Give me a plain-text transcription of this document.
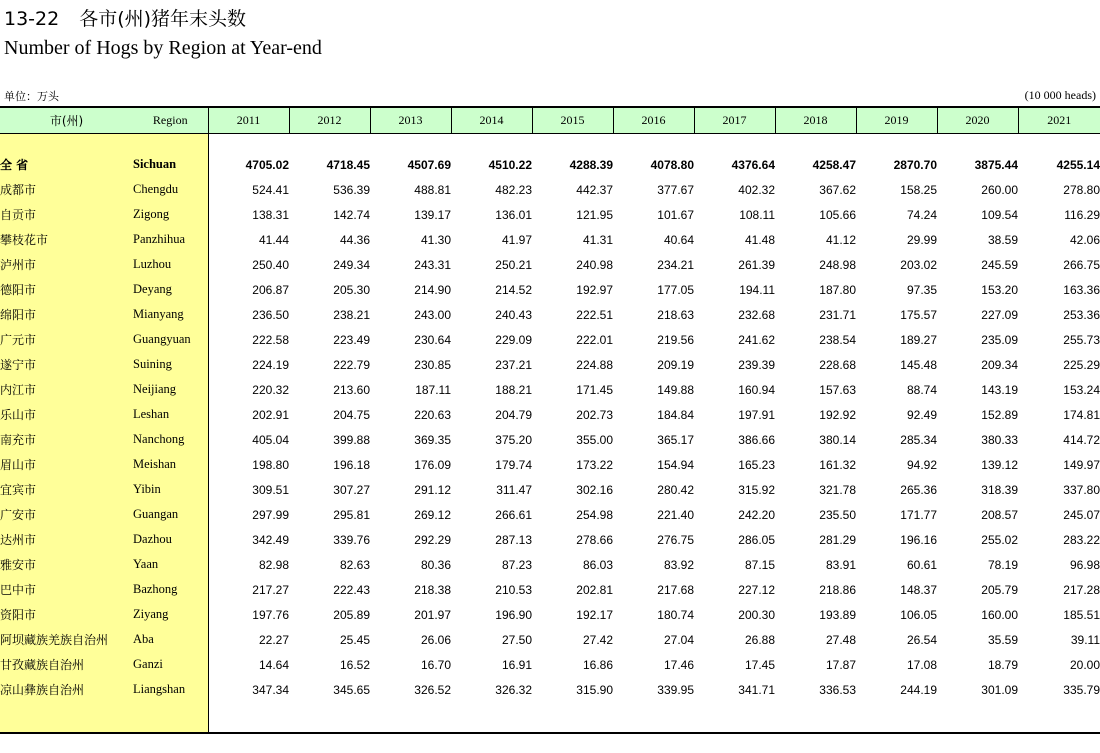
13-22 各市(州)猪年末头数
Number of Hogs by Region at Year-end
单位：万头	(10 000 heads)
市(州)	Region	2011	2012	2013	2014	2015	2016	2017	2018	2019	2020	2021

全 省	Sichuan	4705.02	4718.45	4507.69	4510.22	4288.39	4078.80	4376.64	4258.47	2870.70	3875.44	4255.14
成都市	Chengdu	524.41	536.39	488.81	482.23	442.37	377.67	402.32	367.62	158.25	260.00	278.80
自贡市	Zigong	138.31	142.74	139.17	136.01	121.95	101.67	108.11	105.66	74.24	109.54	116.29
攀枝花市	Panzhihua	41.44	44.36	41.30	41.97	41.31	40.64	41.48	41.12	29.99	38.59	42.06
泸州市	Luzhou	250.40	249.34	243.31	250.21	240.98	234.21	261.39	248.98	203.02	245.59	266.75
德阳市	Deyang	206.87	205.30	214.90	214.52	192.97	177.05	194.11	187.80	97.35	153.20	163.36
绵阳市	Mianyang	236.50	238.21	243.00	240.43	222.51	218.63	232.68	231.71	175.57	227.09	253.36
广元市	Guangyuan	222.58	223.49	230.64	229.09	222.01	219.56	241.62	238.54	189.27	235.09	255.73
遂宁市	Suining	224.19	222.79	230.85	237.21	224.88	209.19	239.39	228.68	145.48	209.34	225.29
内江市	Neijiang	220.32	213.60	187.11	188.21	171.45	149.88	160.94	157.63	88.74	143.19	153.24
乐山市	Leshan	202.91	204.75	220.63	204.79	202.73	184.84	197.91	192.92	92.49	152.89	174.81
南充市	Nanchong	405.04	399.88	369.35	375.20	355.00	365.17	386.66	380.14	285.34	380.33	414.72
眉山市	Meishan	198.80	196.18	176.09	179.74	173.22	154.94	165.23	161.32	94.92	139.12	149.97
宜宾市	Yibin	309.51	307.27	291.12	311.47	302.16	280.42	315.92	321.78	265.36	318.39	337.80
广安市	Guangan	297.99	295.81	269.12	266.61	254.98	221.40	242.20	235.50	171.77	208.57	245.07
达州市	Dazhou	342.49	339.76	292.29	287.13	278.66	276.75	286.05	281.29	196.16	255.02	283.22
雅安市	Yaan	82.98	82.63	80.36	87.23	86.03	83.92	87.15	83.91	60.61	78.19	96.98
巴中市	Bazhong	217.27	222.43	218.38	210.53	202.81	217.68	227.12	218.86	148.37	205.79	217.28
资阳市	Ziyang	197.76	205.89	201.97	196.90	192.17	180.74	200.30	193.89	106.05	160.00	185.51
阿坝藏族羌族自治州	Aba	22.27	25.45	26.06	27.50	27.42	27.04	26.88	27.48	26.54	35.59	39.11
甘孜藏族自治州	Ganzi	14.64	16.52	16.70	16.91	16.86	17.46	17.45	17.87	17.08	18.79	20.00
凉山彝族自治州	Liangshan	347.34	345.65	326.52	326.32	315.90	339.95	341.71	336.53	244.19	301.09	335.79
